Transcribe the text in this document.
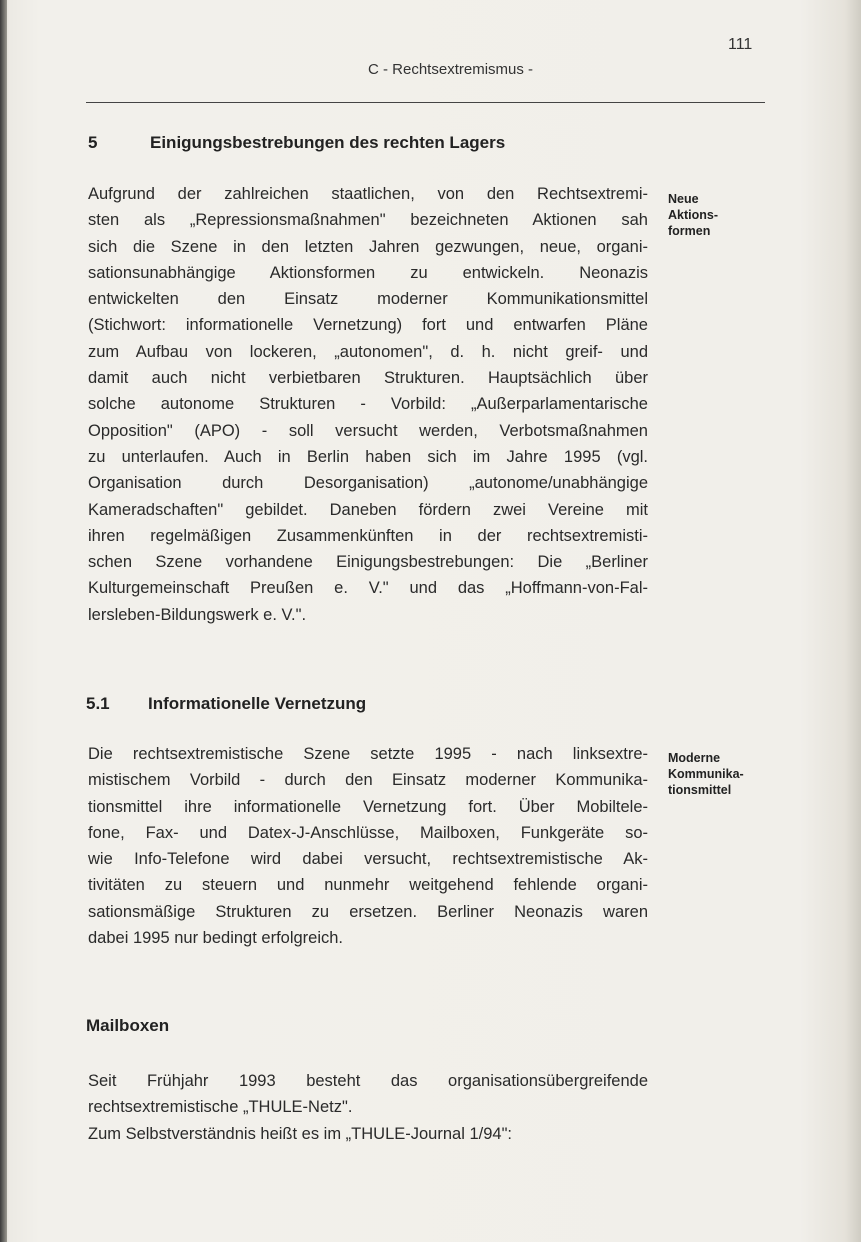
111
C - Rechtsextremismus -
5	Einigungsbestrebungen des rechten Lagers
Aufgrund der zahlreichen staatlichen, von den Rechtsextremi-
sten als „Repressionsmaßnahmen" bezeichneten Aktionen sah
sich die Szene in den letzten Jahren gezwungen, neue, organi-
sationsunabhängige Aktionsformen zu entwickeln. Neonazis
entwickelten den Einsatz moderner Kommunikationsmittel
(Stichwort: informationelle Vernetzung) fort und entwarfen Pläne
zum Aufbau von lockeren, „autonomen", d. h. nicht greif- und
damit auch nicht verbietbaren Strukturen. Hauptsächlich über
solche autonome Strukturen - Vorbild: „Außerparlamentarische
Opposition" (APO) - soll versucht werden, Verbotsmaßnahmen
zu unterlaufen. Auch in Berlin haben sich im Jahre 1995 (vgl.
Organisation durch Desorganisation) „autonome/unabhängige
Kameradschaften" gebildet. Daneben fördern zwei Vereine mit
ihren regelmäßigen Zusammenkünften in der rechtsextremisti-
schen Szene vorhandene Einigungsbestrebungen: Die „Berliner
Kulturgemeinschaft Preußen e. V." und das „Hoffmann-von-Fal-
lersleben-Bildungswerk e. V.".
Neue
Aktions-
formen
5.1 Informationelle Vernetzung
Die rechtsextremistische Szene setzte 1995 - nach linksextre-
mistischem Vorbild - durch den Einsatz moderner Kommunika-
tionsmittel ihre informationelle Vernetzung fort. Über Mobiltele-
fone, Fax- und Datex-J-Anschlüsse, Mailboxen, Funkgeräte so-
wie Info-Telefone wird dabei versucht, rechtsextremistische Ak-
tivitäten zu steuern und nunmehr weitgehend fehlende organi-
sationsmäßige Strukturen zu ersetzen. Berliner Neonazis waren
dabei 1995 nur bedingt erfolgreich.
Moderne
Kommunika-
tionsmittel
Mailboxen
Seit Frühjahr 1993 besteht das organisationsübergreifende
rechtsextremistische „THULE-Netz".
Zum Selbstverständnis heißt es im „THULE-Journal 1/94":
